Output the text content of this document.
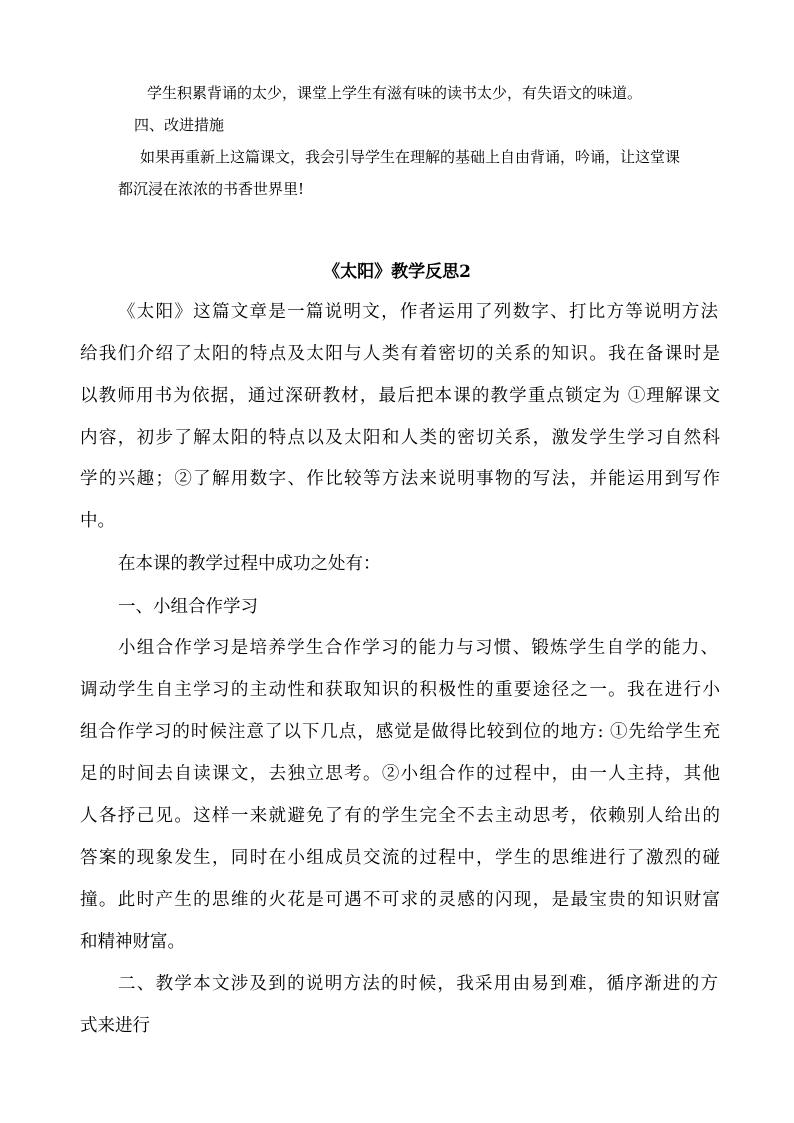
学生积累背诵的太少，课堂上学生有滋有味的读书太少，有失语文的味道。
四、改进措施
如果再重新上这篇课文，我会引导学生在理解的基础上自由背诵，吟诵，让这堂课
都沉浸在浓浓的书香世界里!
《太阳》教学反思2
《太阳》这篇文章是一篇说明文，作者运用了列数字、打比方等说明方法
给我们介绍了太阳的特点及太阳与人类有着密切的关系的知识。我在备课时是
以教师用书为依据，通过深研教材，最后把本课的教学重点锁定为 ①理解课文
内容，初步了解太阳的特点以及太阳和人类的密切关系，激发学生学习自然科
学的兴趣；②了解用数字、作比较等方法来说明事物的写法，并能运用到写作
中。
在本课的教学过程中成功之处有：
一、小组合作学习
小组合作学习是培养学生合作学习的能力与习惯、锻炼学生自学的能力、
调动学生自主学习的主动性和获取知识的积极性的重要途径之一。我在进行小
组合作学习的时候注意了以下几点，感觉是做得比较到位的地方: ①先给学生充
足的时间去自读课文，去独立思考。②小组合作的过程中，由一人主持，其他
人各抒己见。这样一来就避免了有的学生完全不去主动思考，依赖别人给出的
答案的现象发生，同时在小组成员交流的过程中，学生的思维进行了激烈的碰
撞。此时产生的思维的火花是可遇不可求的灵感的闪现，是最宝贵的知识财富
和精神财富。
二、教学本文涉及到的说明方法的时候，我采用由易到难，循序渐进的方
式来进行
